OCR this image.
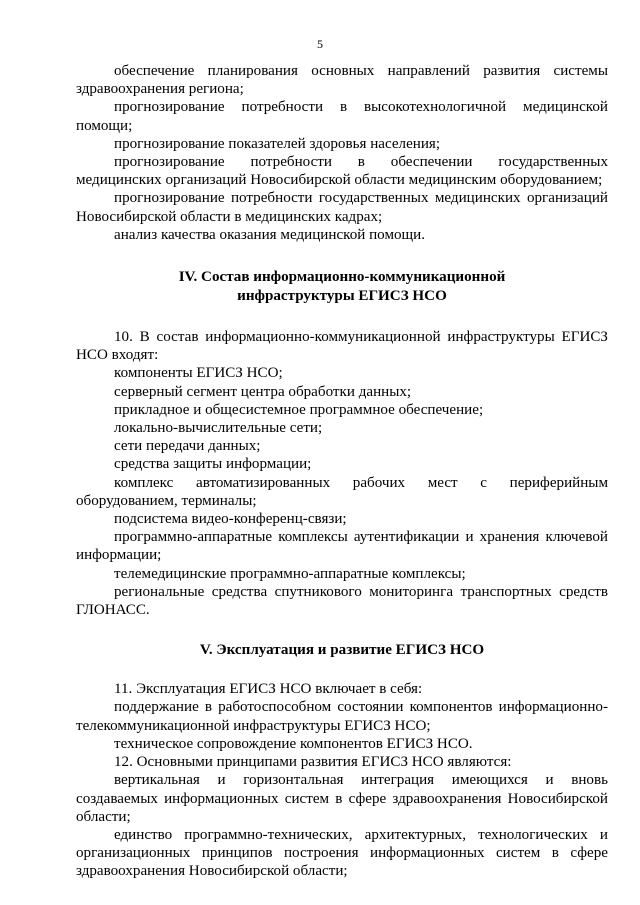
5

обеспечение планирования основных направлений развития системы здравоохранения региона;

прогнозирование потребности в высокотехнологичной медицинской помощи;

прогнозирование показателей здоровья населения;

прогнозирование потребности в обеспечении государственных медицинских организаций Новосибирской области медицинским оборудованием;

прогнозирование потребности государственных медицинских организаций Новосибирской области в медицинских кадрах;

анализ качества оказания медицинской помощи.

IV. Состав информационно-коммуникационной

инфраструктуры ЕГИСЗ НСО

10. В состав информационно-коммуникационной инфраструктуры ЕГИСЗ НСО входят:

компоненты ЕГИСЗ НСО;

серверный сегмент центра обработки данных;

прикладное и общесистемное программное обеспечение;

локально-вычислительные сети;

сети передачи данных;

средства защиты информации;

комплекс автоматизированных рабочих мест с периферийным оборудованием, терминалы;

подсистема видео-конференц-связи;

программно-аппаратные комплексы аутентификации и хранения ключевой информации;

телемедицинские программно-аппаратные комплексы;

региональные средства спутникового мониторинга транспортных средств ГЛОНАСС.

V. Эксплуатация и развитие ЕГИСЗ НСО

11. Эксплуатация ЕГИСЗ НСО включает в себя:

поддержание в работоспособном состоянии компонентов информационно-телекоммуникационной инфраструктуры ЕГИСЗ НСО;

техническое сопровождение компонентов ЕГИСЗ НСО.

12. Основными принципами развития ЕГИСЗ НСО являются:

вертикальная и горизонтальная интеграция имеющихся и вновь создаваемых информационных систем в сфере здравоохранения Новосибирской области;

единство программно-технических, архитектурных, технологических и организационных принципов построения информационных систем в сфере здравоохранения Новосибирской области;
